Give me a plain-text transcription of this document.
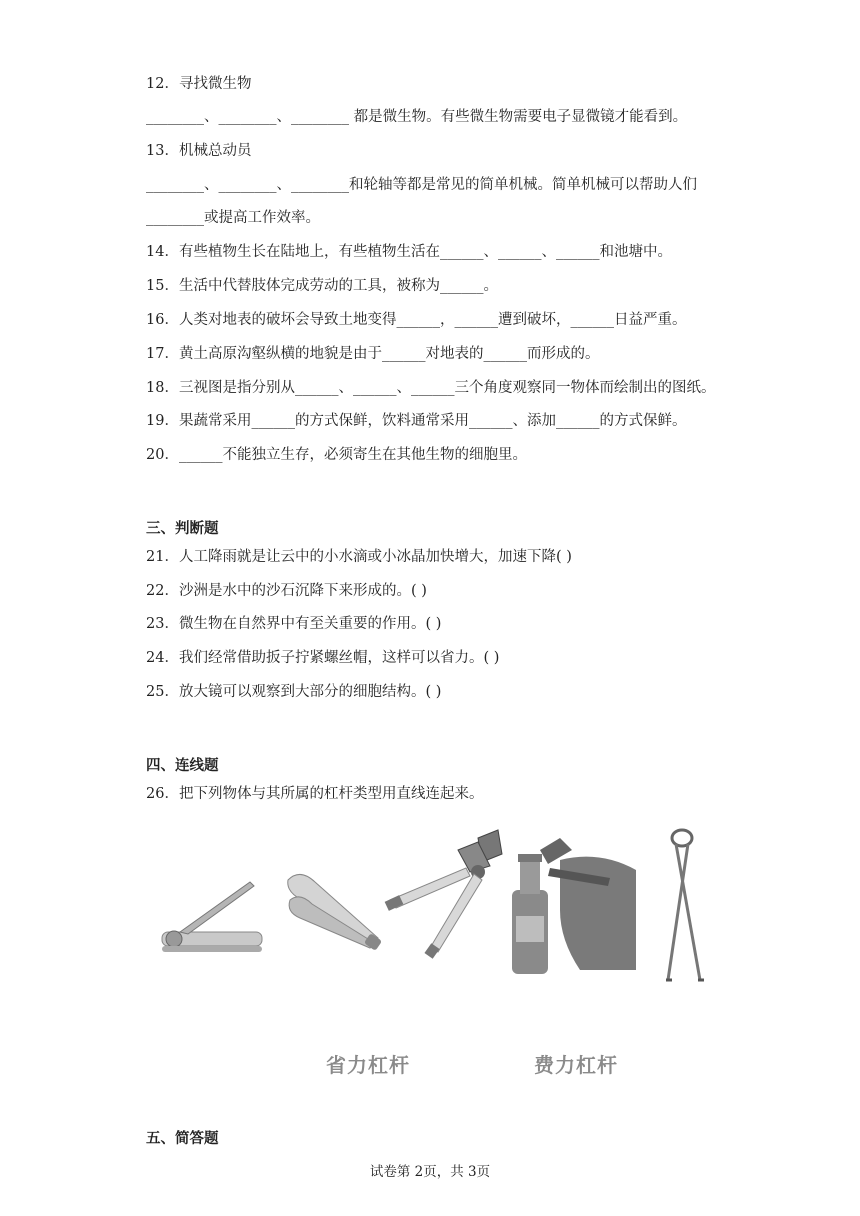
12．寻找微生物
________、________、________ 都是微生物。有些微生物需要电子显微镜才能看到。
13．机械总动员
________、________、________和轮轴等都是常见的简单机械。简单机械可以帮助人们
________或提高工作效率。
14．有些植物生长在陆地上，有些植物生活在______、______、______和池塘中。
15．生活中代替肢体完成劳动的工具，被称为______。
16．人类对地表的破坏会导致土地变得______，______遭到破坏，______日益严重。
17．黄土高原沟壑纵横的地貌是由于______对地表的______而形成的。
18．三视图是指分别从______、______、______三个角度观察同一物体而绘制出的图纸。
19．果蔬常采用______的方式保鲜，饮料通常采用______、添加______的方式保鲜。
20．______不能独立生存，必须寄生在其他生物的细胞里。
三、判断题
21．人工降雨就是让云中的小水滴或小冰晶加快增大，加速下降( )
22．沙洲是水中的沙石沉降下来形成的。( )
23．微生物在自然界中有至关重要的作用。( )
24．我们经常借助扳子拧紧螺丝帽，这样可以省力。( )
25．放大镜可以观察到大部分的细胞结构。( )
四、连线题
26．把下列物体与其所属的杠杆类型用直线连起来。
省力杠杆	费力杠杆
五、简答题
试卷第 2页，共 3页
